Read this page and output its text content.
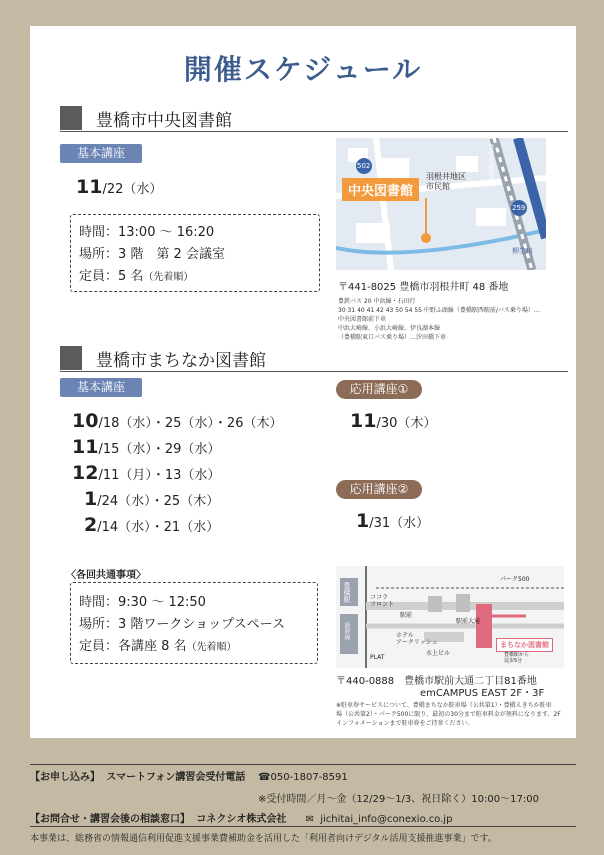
開催スケジュール
豊橋市中央図書館
基本講座
11/22（水）
時間：13:00 〜 16:20
場所：3 階　第 2 会議室
定員：5 名（先着順）
中央図書館
502
259
羽根井地区
市民館
柳生川
豊橋鉄道渥美線
〒441-8025 豊橋市羽根井町 48 番地
豊鉄バス 20 中浜線・石田行
30 31 40 41 42 43 50 54 55 中野ふ頭線（豊橋駅西駅前/バス乗り場）…
中央図書館前下車
中浜大崎線、小浜大崎線、伊良湖本線
（豊橋駅東口バス乗り場）…汐田橋下車
豊橋市まちなか図書館
基本講座
10/18（水）・25（水）・26（木）
11/15（水）・29（水）
12/11（月）・13（水）
1/24（水）・25（木）
2/14（水）・21（水）
応用講座①
11/30（木）
応用講座②
1/31（水）
〈各回共通事項〉
時間：9:30 〜 12:50
場所：3 階ワークショップスペース
定員：各講座 8 名（先着順）
豊橋駅
新幹線
ココラ
フロント
ホテル
アークリッシュ
水上ビル
PLAT
駅前
駅前大通
パーク500
まちなか図書館
豊橋駅から
徒歩5分
〒440-0888　豊橋市駅前大通二丁目81番地
emCAMPUS EAST 2F・3F
※駐車券サービスについて、豊橋まちなか駐車場（公共第1）・豊橋えきちか駐車
場（公共第2）・パーク500に限り、最初の30分まで駐車料金が無料になります。2F
インフォメーションまで駐車券をご持参ください。
【お申し込み】 スマートフォン講習会受付電話 ☎050-1807-8591
※受付時間／月〜金（12/29〜1/3、祝日除く）10:00〜17:00
【お問合せ・講習会後の相談窓口】 コネクシオ株式会社 ✉ jichitai_info@conexio.co.jp
本事業は、総務省の情報通信利用促進支援事業費補助金を活用した「利用者向けデジタル活用支援推進事業」です。
